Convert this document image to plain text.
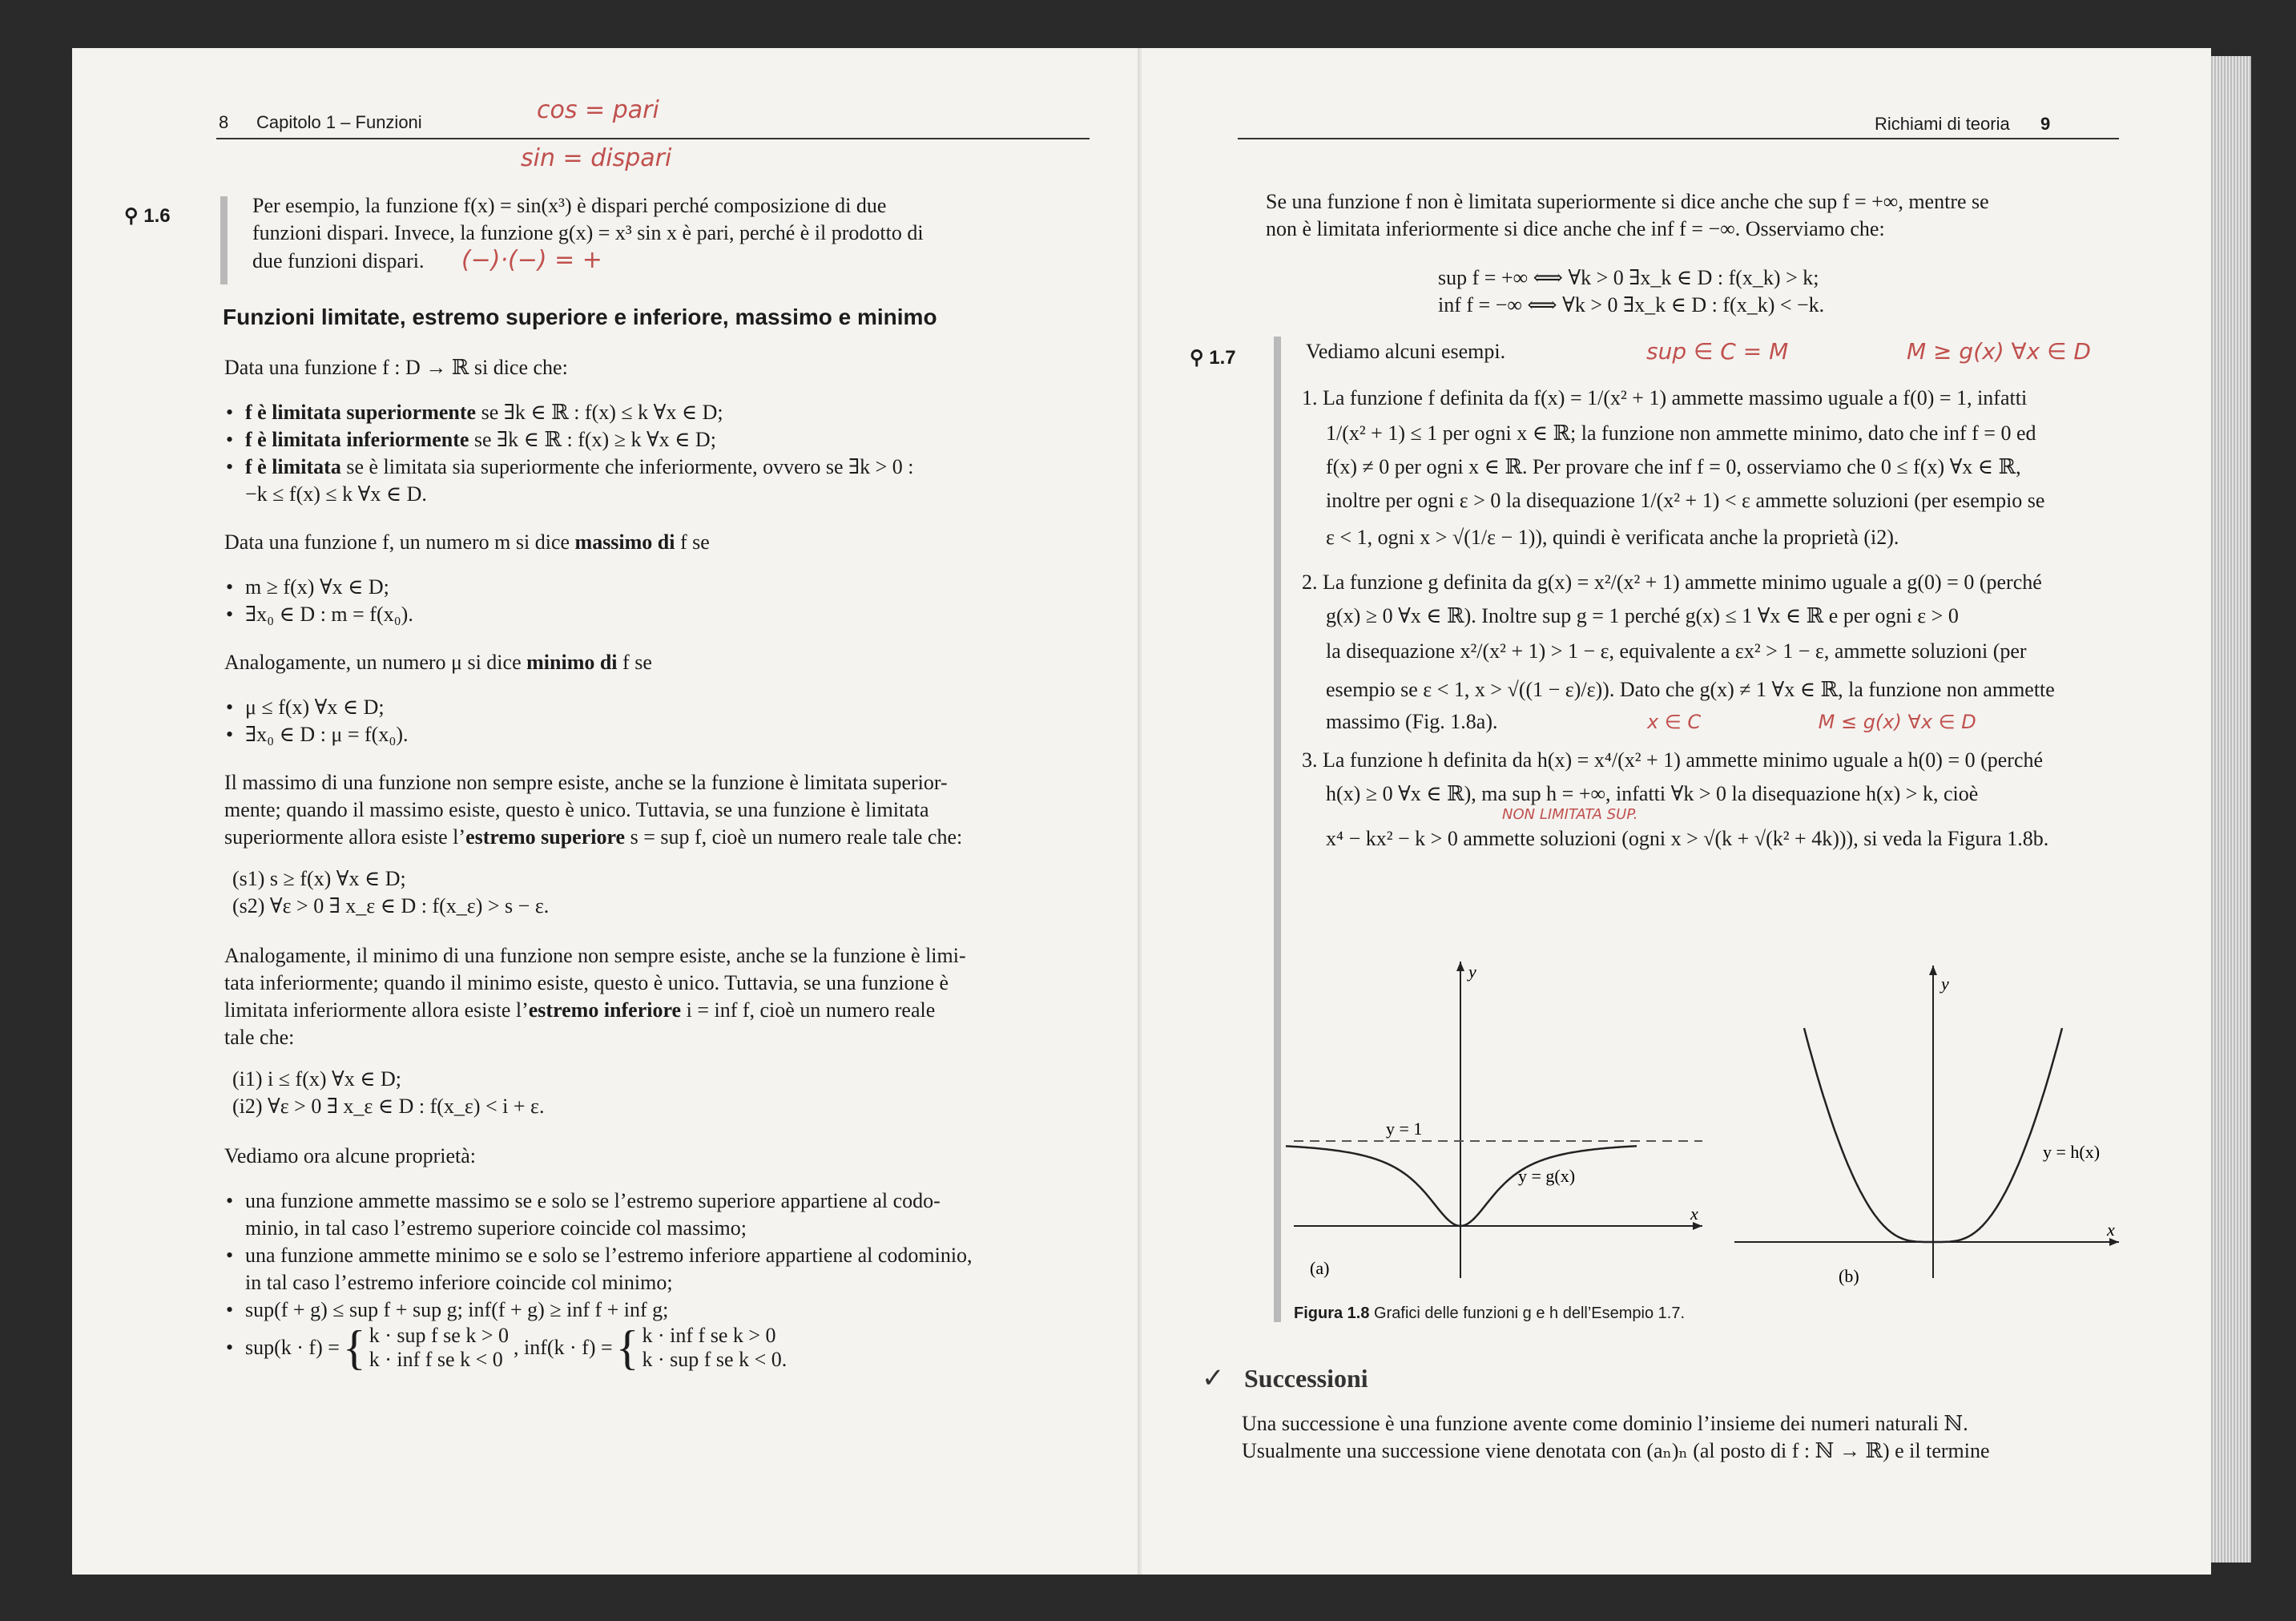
8 Capitolo 1 – Funzioni	cos = pari
sin = dispari
⚲ 1.6	Per esempio, la funzione f(x) = sin(x³) è dispari perché composizione di due
funzioni dispari. Invece, la funzione g(x) = x³ sin x è pari, perché è il prodotto di
due funzioni dispari. (−)·(−) = +
Funzioni limitate, estremo superiore e inferiore, massimo e minimo
Data una funzione f : D → ℝ si dice che:
• f è limitata superiormente se ∃k ∈ ℝ : f(x) ≤ k ∀x ∈ D;
• f è limitata inferiormente se ∃k ∈ ℝ : f(x) ≥ k ∀x ∈ D;
• f è limitata se è limitata sia superiormente che inferiormente, ovvero se ∃k > 0 :
−k ≤ f(x) ≤ k ∀x ∈ D.
Data una funzione f, un numero m si dice massimo di f se
• m ≥ f(x) ∀x ∈ D;
• ∃x₀ ∈ D : m = f(x₀).
Analogamente, un numero μ si dice minimo di f se
• μ ≤ f(x) ∀x ∈ D;
• ∃x₀ ∈ D : μ = f(x₀).
Il massimo di una funzione non sempre esiste, anche se la funzione è limitata superior-
mente; quando il massimo esiste, questo è unico. Tuttavia, se una funzione è limitata
superiormente allora esiste l’estremo superiore s = sup f, cioè un numero reale tale che:
(s1) s ≥ f(x) ∀x ∈ D;
(s2) ∀ε > 0 ∃ x_ε ∈ D : f(x_ε) > s − ε.
Analogamente, il minimo di una funzione non sempre esiste, anche se la funzione è limi-
tata inferiormente; quando il minimo esiste, questo è unico. Tuttavia, se una funzione è
limitata inferiormente allora esiste l’estremo inferiore i = inf f, cioè un numero reale
tale che:
(i1) i ≤ f(x) ∀x ∈ D;
(i2) ∀ε > 0 ∃ x_ε ∈ D : f(x_ε) < i + ε.
Vediamo ora alcune proprietà:
• una funzione ammette massimo se e solo se l’estremo superiore appartiene al codo-
minio, in tal caso l’estremo superiore coincide col massimo;
• una funzione ammette minimo se e solo se l’estremo inferiore appartiene al codominio,
in tal caso l’estremo inferiore coincide col minimo;
• sup(f + g) ≤ sup f + sup g; inf(f + g) ≥ inf f + inf g;
• sup(k · f) = { k · sup f se k > 0
k · inf f se k < 0
, inf(k · f) = { k · inf f se k > 0
k · sup f se k < 0.
Richiami di teoria 9
Se una funzione f non è limitata superiormente si dice anche che sup f = +∞, mentre se
non è limitata inferiormente si dice anche che inf f = −∞. Osserviamo che:
sup f = +∞ ⟺ ∀k > 0 ∃x_k ∈ D : f(x_k) > k;
inf f = −∞ ⟺ ∀k > 0 ∃x_k ∈ D : f(x_k) < −k.
⚲ 1.7	Vediamo alcuni esempi.	sup ∈ C = M	M ≥ g(x) ∀x ∈ D
1. La funzione f definita da f(x) = 1/(x² + 1) ammette massimo uguale a f(0) = 1, infatti
1/(x² + 1) ≤ 1 per ogni x ∈ ℝ; la funzione non ammette minimo, dato che inf f = 0 ed
f(x) ≠ 0 per ogni x ∈ ℝ. Per provare che inf f = 0, osserviamo che 0 ≤ f(x) ∀x ∈ ℝ,
inoltre per ogni ε > 0 la disequazione 1/(x² + 1) < ε ammette soluzioni (per esempio se
ε < 1, ogni x > √(1/ε − 1)), quindi è verificata anche la proprietà (i2).
2. La funzione g definita da g(x) = x²/(x² + 1) ammette minimo uguale a g(0) = 0 (perché
g(x) ≥ 0 ∀x ∈ ℝ). Inoltre sup g = 1 perché g(x) ≤ 1 ∀x ∈ ℝ e per ogni ε > 0
la disequazione x²/(x² + 1) > 1 − ε, equivalente a εx² > 1 − ε, ammette soluzioni (per
esempio se ε < 1, x > √((1 − ε)/ε)). Dato che g(x) ≠ 1 ∀x ∈ ℝ, la funzione non ammette
massimo (Fig. 1.8a).	x ∈ C	M ≤ g(x) ∀x ∈ D
3. La funzione h definita da h(x) = x⁴/(x² + 1) ammette minimo uguale a h(0) = 0 (perché
h(x) ≥ 0 ∀x ∈ ℝ), ma sup h = +∞, infatti ∀k > 0 la disequazione h(x) > k, cioè
NON LIMITATA SUP.
x⁴ − kx² − k > 0 ammette soluzioni (ogni x > √(k + √(k² + 4k))), si veda la Figura 1.8b.
y
x
y = 1
y = g(x)
(a)
y
x
y = h(x)
(b)
Figura 1.8 Grafici delle funzioni g e h dell’Esempio 1.7.
✓ Successioni
Una successione è una funzione avente come dominio l’insieme dei numeri naturali ℕ.
Usualmente una successione viene denotata con (aₙ)ₙ (al posto di f : ℕ → ℝ) e il termine
